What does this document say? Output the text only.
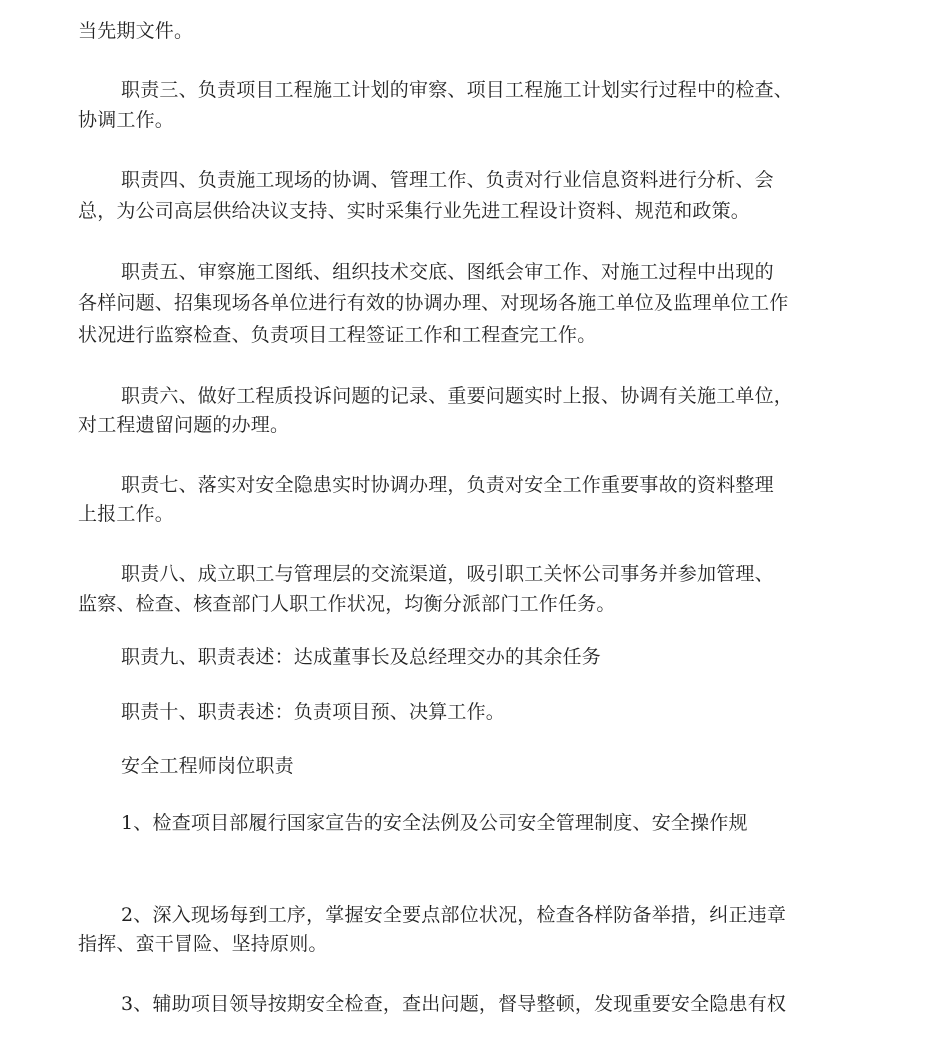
当先期文件。
职责三、负责项目工程施工计划的审察、项目工程施工计划实行过程中的检查、
协调工作。
职责四、负责施工现场的协调、管理工作、负责对行业信息资料进行分析、会
总，为公司高层供给决议支持、实时采集行业先进工程设计资料、规范和政策。
职责五、审察施工图纸、组织技术交底、图纸会审工作、对施工过程中出现的
各样问题、招集现场各单位进行有效的协调办理、对现场各施工单位及监理单位工作
状况进行监察检查、负责项目工程签证工作和工程查完工作。
职责六、做好工程质投诉问题的记录、重要问题实时上报、协调有关施工单位，
对工程遗留问题的办理。
职责七、落实对安全隐患实时协调办理，负责对安全工作重要事故的资料整理
上报工作。
职责八、成立职工与管理层的交流渠道，吸引职工关怀公司事务并参加管理、
监察、检查、核查部门人职工作状况，均衡分派部门工作任务。
职责九、职责表述：达成董事长及总经理交办的其余任务
职责十、职责表述：负责项目预、决算工作。
安全工程师岗位职责
1、检查项目部履行国家宣告的安全法例及公司安全管理制度、安全操作规
2、深入现场每到工序，掌握安全要点部位状况，检查各样防备举措，纠正违章
指挥、蛮干冒险、坚持原则。
3、辅助项目领导按期安全检查，查出问题，督导整顿，发现重要安全隐患有权
